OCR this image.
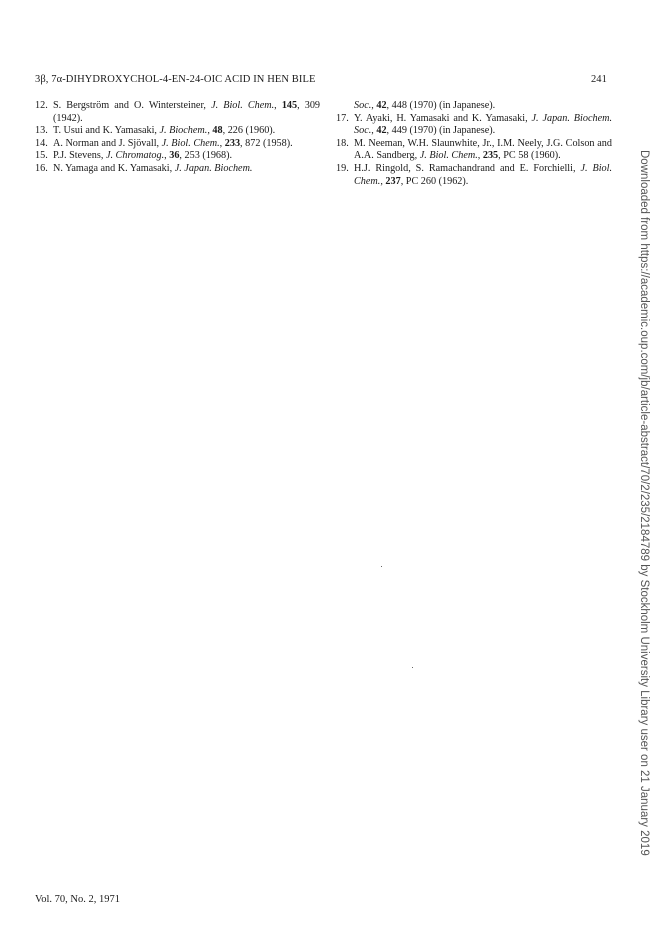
3β, 7α-DIHYDROXYCHOL-4-EN-24-OIC ACID IN HEN BILE	241
12. S. Bergström and O. Wintersteiner, J. Biol. Chem., 145, 309 (1942).
13. T. Usui and K. Yamasaki, J. Biochem., 48, 226 (1960).
14. A. Norman and J. Sjövall, J. Biol. Chem., 233, 872 (1958).
15. P.J. Stevens, J. Chromatog., 36, 253 (1968).
16. N. Yamaga and K. Yamasaki, J. Japan. Biochem.
Soc., 42, 448 (1970) (in Japanese).
17. Y. Ayaki, H. Yamasaki and K. Yamasaki, J. Japan. Biochem. Soc., 42, 449 (1970) (in Japanese).
18. M. Neeman, W.H. Slaunwhite, Jr., I.M. Neely, J.G. Colson and A.A. Sandberg, J. Biol. Chem., 235, PC 58 (1960).
19. H.J. Ringold, S. Ramachandrand and E. Forchielli, J. Biol. Chem., 237, PC 260 (1962).
Vol. 70, No. 2, 1971
Downloaded from https://academic.oup.com/jb/article-abstract/70/2/235/2184789 by Stockholm University Library user on 21 January 2019
